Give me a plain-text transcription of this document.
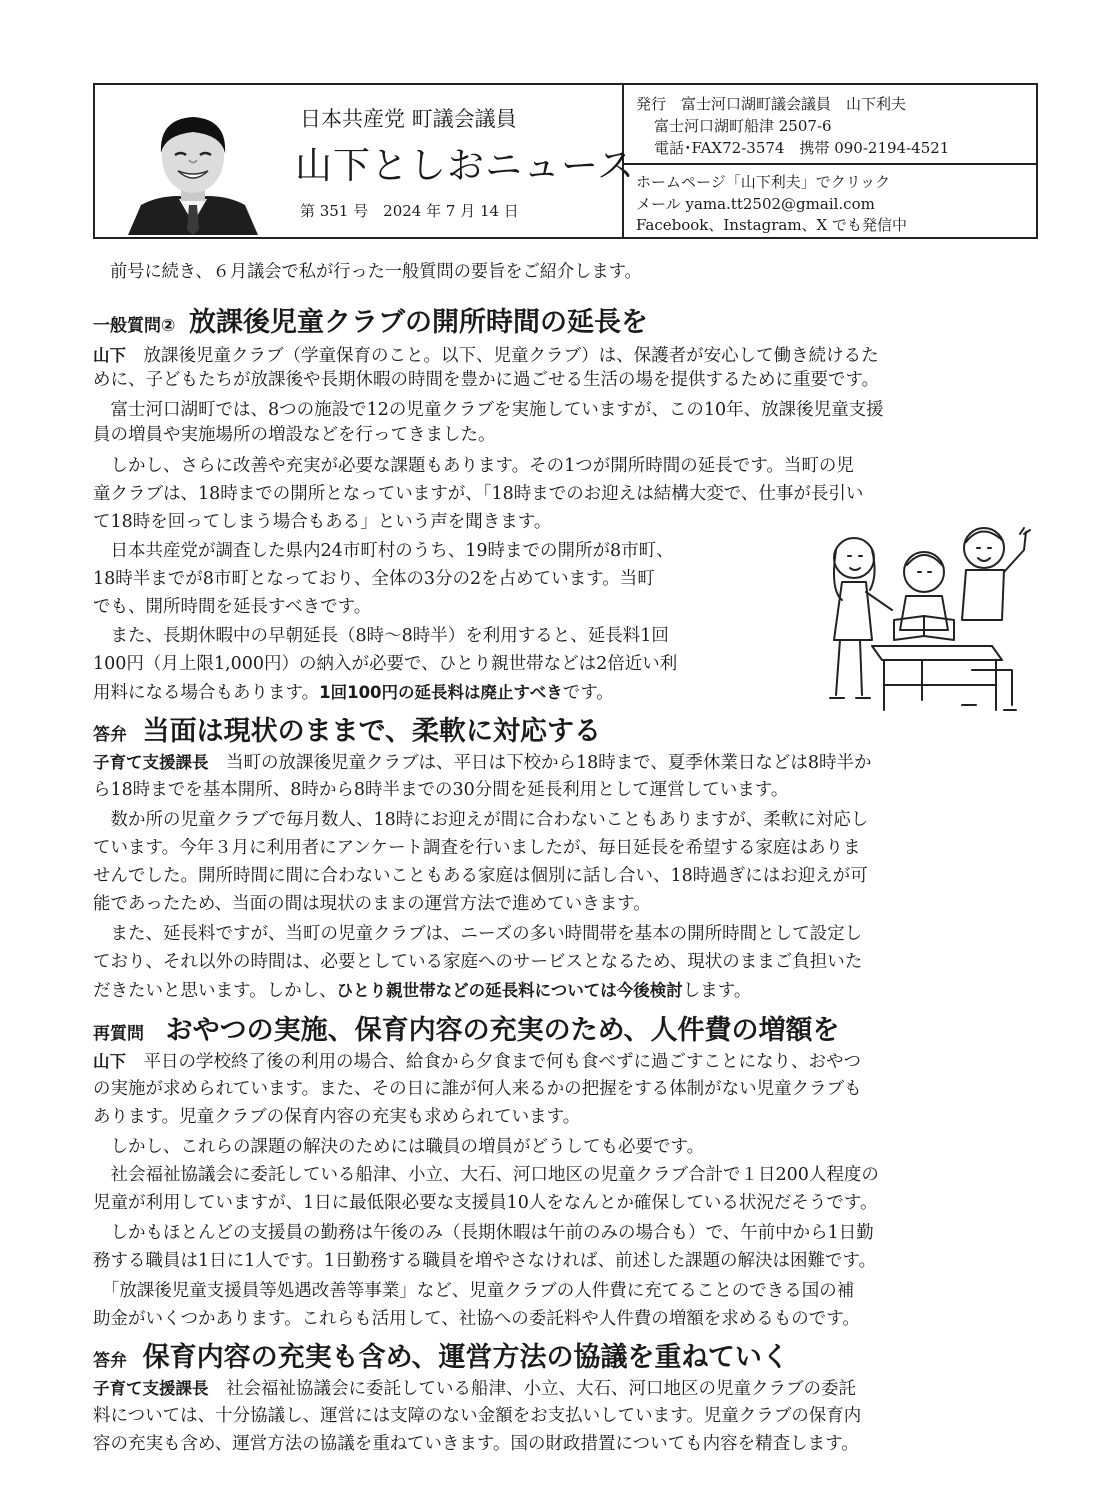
日本共産党 町議会議員
山下としおニュース
第 351 号　2024 年 7 月 14 日
発行　富士河口湖町議会議員　山下利夫
富士河口湖町船津 2507-6
電話･FAX72-3574　携帯 090-2194-4521
ホームページ「山下利夫」でクリック
メール yama.tt2502@gmail.com
Facebook、Instagram、X でも発信中

前号に続き、６月議会で私が行った一般質問の要旨をご紹介します。

一般質問② 放課後児童クラブの開所時間の延長を

山下　 放課後児童クラブ（学童保育のこと。以下、児童クラブ）は、保護者が安心して働き続けるた

めに、子どもたちが放課後や長期休暇の時間を豊かに過ごせる生活の場を提供するために重要です。

　富士河口湖町では、8つの施設で12の児童クラブを実施していますが、この10年、放課後児童支援

員の増員や実施場所の増設などを行ってきました。

　しかし、さらに改善や充実が必要な課題もあります。その1つが開所時間の延長です。当町の児

童クラブは、18時までの開所となっていますが、「18時までのお迎えは結構大変で、仕事が長引い

て18時を回ってしまう場合もある」という声を聞きます。

　日本共産党が調査した県内24市町村のうち、19時までの開所が8市町、

18時半までが8市町となっており、全体の3分の2を占めています。当町

でも、開所時間を延長すべきです。

　また、長期休暇中の早朝延長（8時～8時半）を利用すると、延長料1回

100円（月上限1,000円）の納入が必要で、ひとり親世帯などは2倍近い利

用料になる場合もあります。1回100円の延長料は廃止すべきです。

答弁 当面は現状のままで、柔軟に対応する

子育て支援課長　 当町の放課後児童クラブは、平日は下校から18時まで、夏季休業日などは8時半か

ら18時までを基本開所、8時から8時半までの30分間を延長利用として運営しています。

　数か所の児童クラブで毎月数人、18時にお迎えが間に合わないこともありますが、柔軟に対応し

ています。今年３月に利用者にアンケート調査を行いましたが、毎日延長を希望する家庭はありま

せんでした。開所時間に間に合わないこともある家庭は個別に話し合い、18時過ぎにはお迎えが可

能であったため、当面の間は現状のままの運営方法で進めていきます。

　また、延長料ですが、当町の児童クラブは、ニーズの多い時間帯を基本の開所時間として設定し

ており、それ以外の時間は、必要としている家庭へのサービスとなるため、現状のままご負担いた

だきたいと思います。しかし、ひとり親世帯などの延長料については今後検討します。

再質問 おやつの実施、保育内容の充実のため、人件費の増額を

山下　 平日の学校終了後の利用の場合、給食から夕食まで何も食べずに過ごすことになり、おやつ

の実施が求められています。また、その日に誰が何人来るかの把握をする体制がない児童クラブも

あります。児童クラブの保育内容の充実も求められています。

　しかし、これらの課題の解決のためには職員の増員がどうしても必要です。

　社会福祉協議会に委託している船津、小立、大石、河口地区の児童クラブ合計で１日200人程度の

児童が利用していますが、1日に最低限必要な支援員10人をなんとか確保している状況だそうです。

　しかもほとんどの支援員の勤務は午後のみ（長期休暇は午前のみの場合も）で、午前中から1日勤

務する職員は1日に1人です。1日勤務する職員を増やさなければ、前述した課題の解決は困難です。

　「放課後児童支援員等処遇改善等事業」など、児童クラブの人件費に充てることのできる国の補

助金がいくつかあります。これらも活用して、社協への委託料や人件費の増額を求めるものです。

答弁 保育内容の充実も含め、運営方法の協議を重ねていく

子育て支援課長　 社会福祉協議会に委託している船津、小立、大石、河口地区の児童クラブの委託

料については、十分協議し、運営には支障のない金額をお支払いしています。児童クラブの保育内

容の充実も含め、運営方法の協議を重ねていきます。国の財政措置についても内容を精査します。
